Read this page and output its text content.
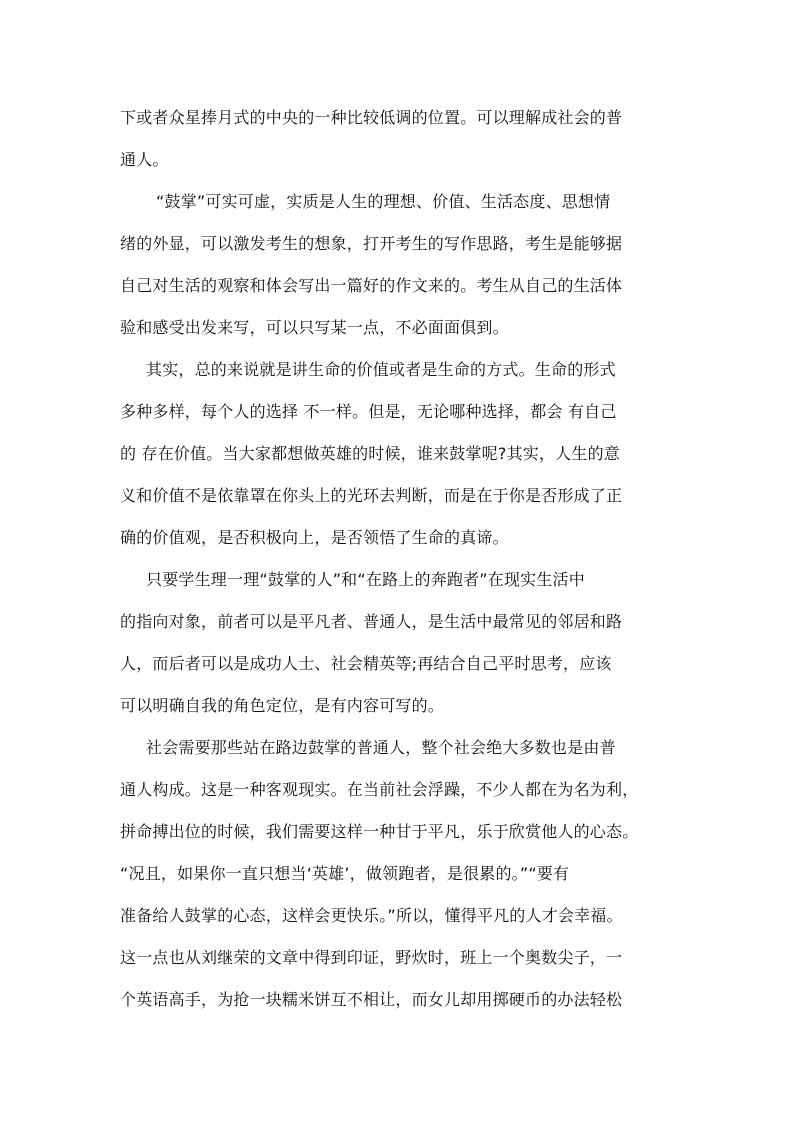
下或者众星捧月式的中央的一种比较低调的位置。可以理解成社会的普
通人。
“鼓掌”可实可虚，实质是人生的理想、价值、生活态度、思想情
绪的外显，可以激发考生的想象，打开考生的写作思路，考生是能够据
自己对生活的观察和体会写出一篇好的作文来的。考生从自己的生活体
验和感受出发来写，可以只写某一点，不必面面俱到。
其实，总的来说就是讲生命的价值或者是生命的方式。生命的形式
多种多样，每个人的选择 不一样。但是，无论哪种选择，都会 有自己
的 存在价值。当大家都想做英雄的时候，谁来鼓掌呢?其实，人生的意
义和价值不是依靠罩在你头上的光环去判断，而是在于你是否形成了正
确的价值观，是否积极向上，是否领悟了生命的真谛。
只要学生理一理“鼓掌的人”和“在路上的奔跑者”在现实生活中
的指向对象，前者可以是平凡者、普通人，是生活中最常见的邻居和路
人，而后者可以是成功人士、社会精英等;再结合自己平时思考，应该
可以明确自我的角色定位，是有内容可写的。
社会需要那些站在路边鼓掌的普通人，整个社会绝大多数也是由普
通人构成。这是一种客观现实。在当前社会浮躁，不少人都在为名为利，
拼命搏出位的时候，我们需要这样一种甘于平凡，乐于欣赏他人的心态。
“况且，如果你一直只想当‘英雄’，做领跑者，是很累的。”“要有
准备给人鼓掌的心态，这样会更快乐。”所以，懂得平凡的人才会幸福。
这一点也从刘继荣的文章中得到印证，野炊时，班上一个奥数尖子，一
个英语高手，为抢一块糯米饼互不相让，而女儿却用掷硬币的办法轻松
